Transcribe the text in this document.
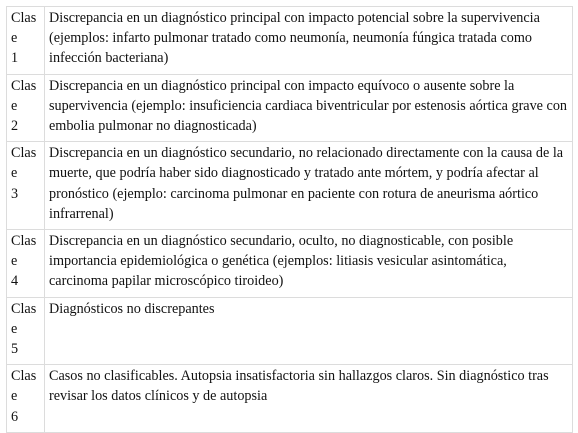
Clase
1	Discrepancia en un diagnóstico principal con impacto potencial sobre la supervivencia (ejemplos: infarto pulmonar tratado como neumonía, neumonía fúngica tratada como infección bacteriana)

Clase
2	Discrepancia en un diagnóstico principal con impacto equívoco o ausente sobre la supervivencia (ejemplo: insuficiencia cardiaca biventricular por estenosis aórtica grave con embolia pulmonar no diagnosticada)

Clase
3	Discrepancia en un diagnóstico secundario, no relacionado directamente con la causa de la muerte, que podría haber sido diagnosticado y tratado ante mórtem, y podría afectar al pronóstico (ejemplo: carcinoma pulmonar en paciente con rotura de aneurisma aórtico infrarrenal)

Clase
4	Discrepancia en un diagnóstico secundario, oculto, no diagnosticable, con posible importancia epidemiológica o genética (ejemplos: litiasis vesicular asintomática, carcinoma papilar microscópico tiroideo)

Clase
5	Diagnósticos no discrepantes

Clase
6	Casos no clasificables. Autopsia insatisfactoria sin hallazgos claros. Sin diagnóstico tras revisar los datos clínicos y de autopsia
